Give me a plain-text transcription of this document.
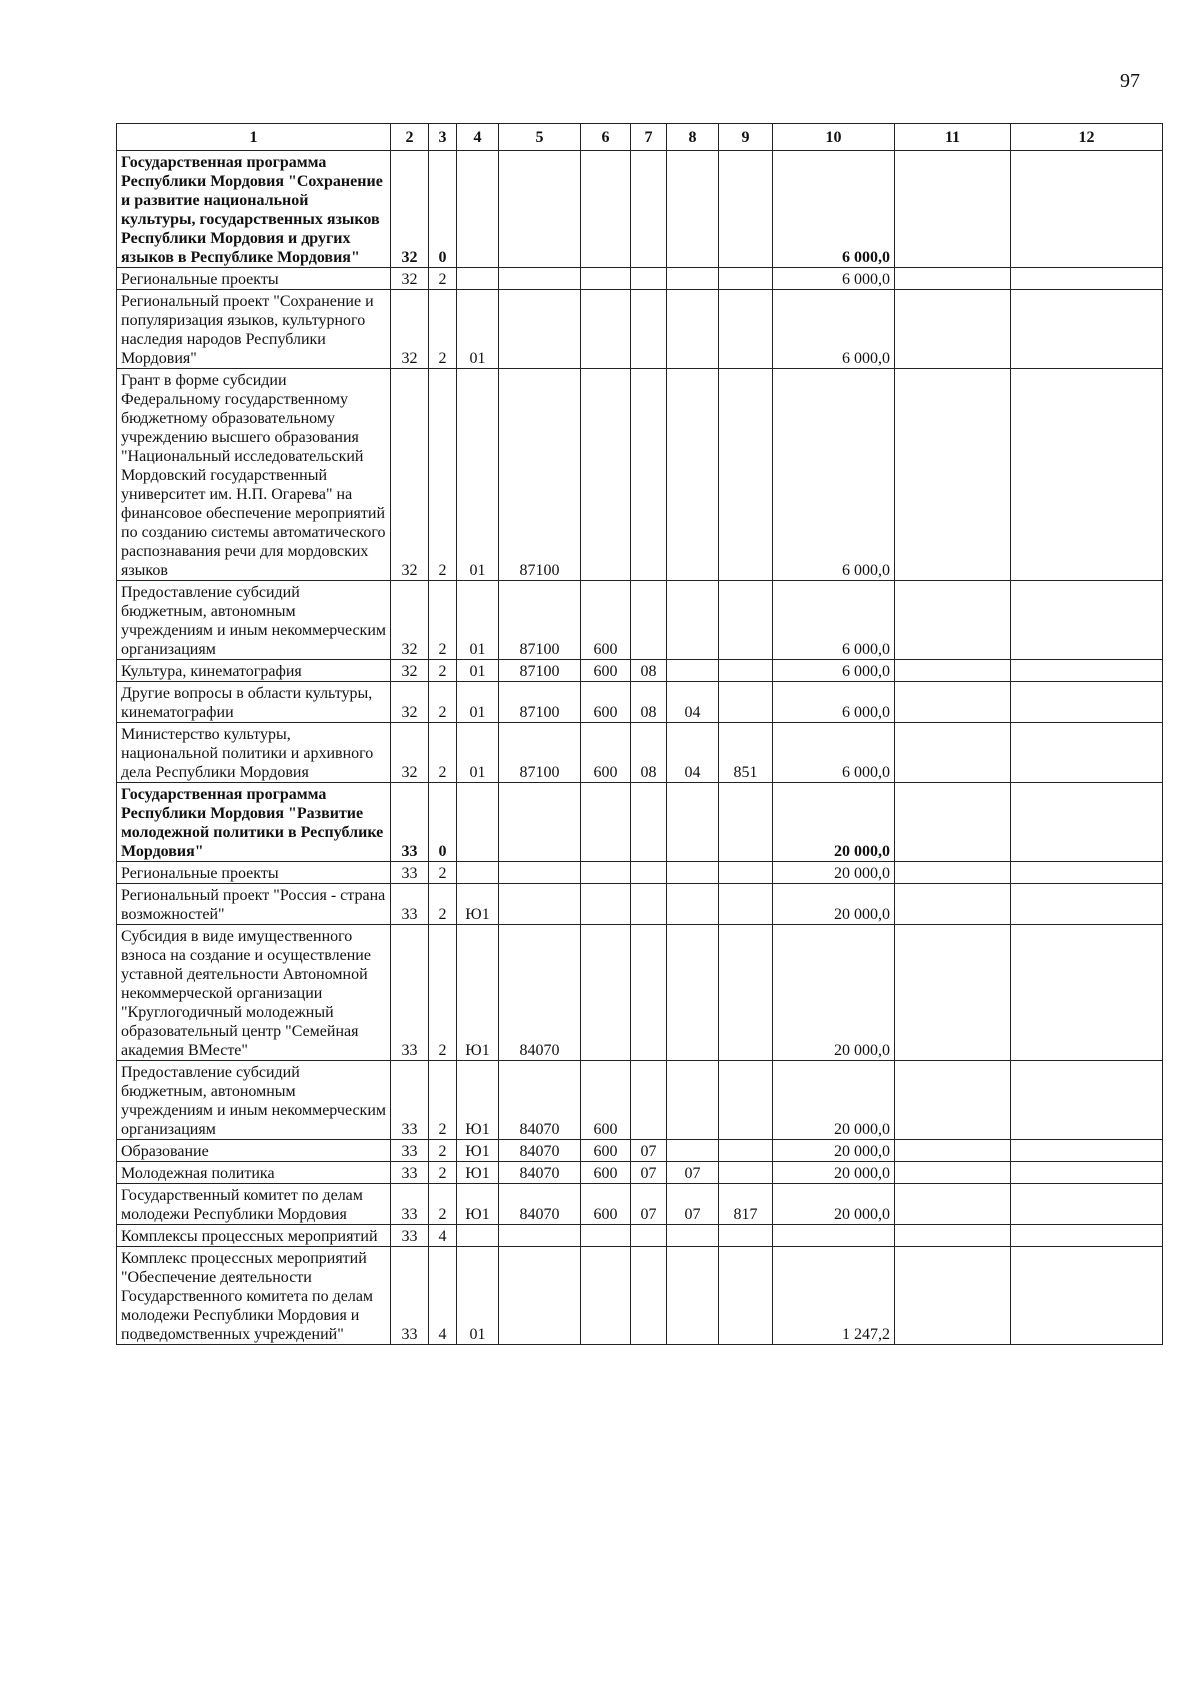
97
1	2	3	4	5	6	7	8	9	10	11	12
Государственная программа Республики Мордовия "Сохранение и развитие национальной культуры, государственных языков Республики Мордовия и других языков в Республике Мордовия"	32	0							6 000,0		
Региональные проекты	32	2							6 000,0		
Региональный проект "Сохранение и популяризация языков, культурного наследия народов Республики Мордовия"	32	2	01						6 000,0		
Грант в форме субсидии Федеральному государственному бюджетному образовательному учреждению высшего образования "Национальный исследовательский Мордовский государственный университет им. Н.П. Огарева" на финансовое обеспечение мероприятий по созданию системы автоматического распознавания речи для мордовских языков	32	2	01	87100					6 000,0		
Предоставление субсидий бюджетным, автономным учреждениям и иным некоммерческим организациям	32	2	01	87100	600				6 000,0		
Культура, кинематография	32	2	01	87100	600	08			6 000,0		
Другие вопросы в области культуры, кинематографии	32	2	01	87100	600	08	04		6 000,0		
Министерство культуры, национальной политики и архивного дела Республики Мордовия	32	2	01	87100	600	08	04	851	6 000,0		
Государственная программа Республики Мордовия "Развитие молодежной политики в Республике Мордовия"	33	0							20 000,0		
Региональные проекты	33	2							20 000,0		
Региональный проект "Россия - страна возможностей"	33	2	Ю1						20 000,0		
Субсидия в виде имущественного взноса на создание и осуществление уставной деятельности Автономной некоммерческой организации "Круглогодичный молодежный образовательный центр "Семейная академия ВМесте"	33	2	Ю1	84070					20 000,0		
Предоставление субсидий бюджетным, автономным учреждениям и иным некоммерческим организациям	33	2	Ю1	84070	600				20 000,0		
Образование	33	2	Ю1	84070	600	07			20 000,0		
Молодежная политика	33	2	Ю1	84070	600	07	07		20 000,0		
Государственный комитет по делам молодежи Республики Мордовия	33	2	Ю1	84070	600	07	07	817	20 000,0		
Комплексы процессных мероприятий	33	4									
Комплекс процессных мероприятий "Обеспечение деятельности Государственного комитета по делам молодежи Республики Мордовия и подведомственных учреждений"	33	4	01						1 247,2		
